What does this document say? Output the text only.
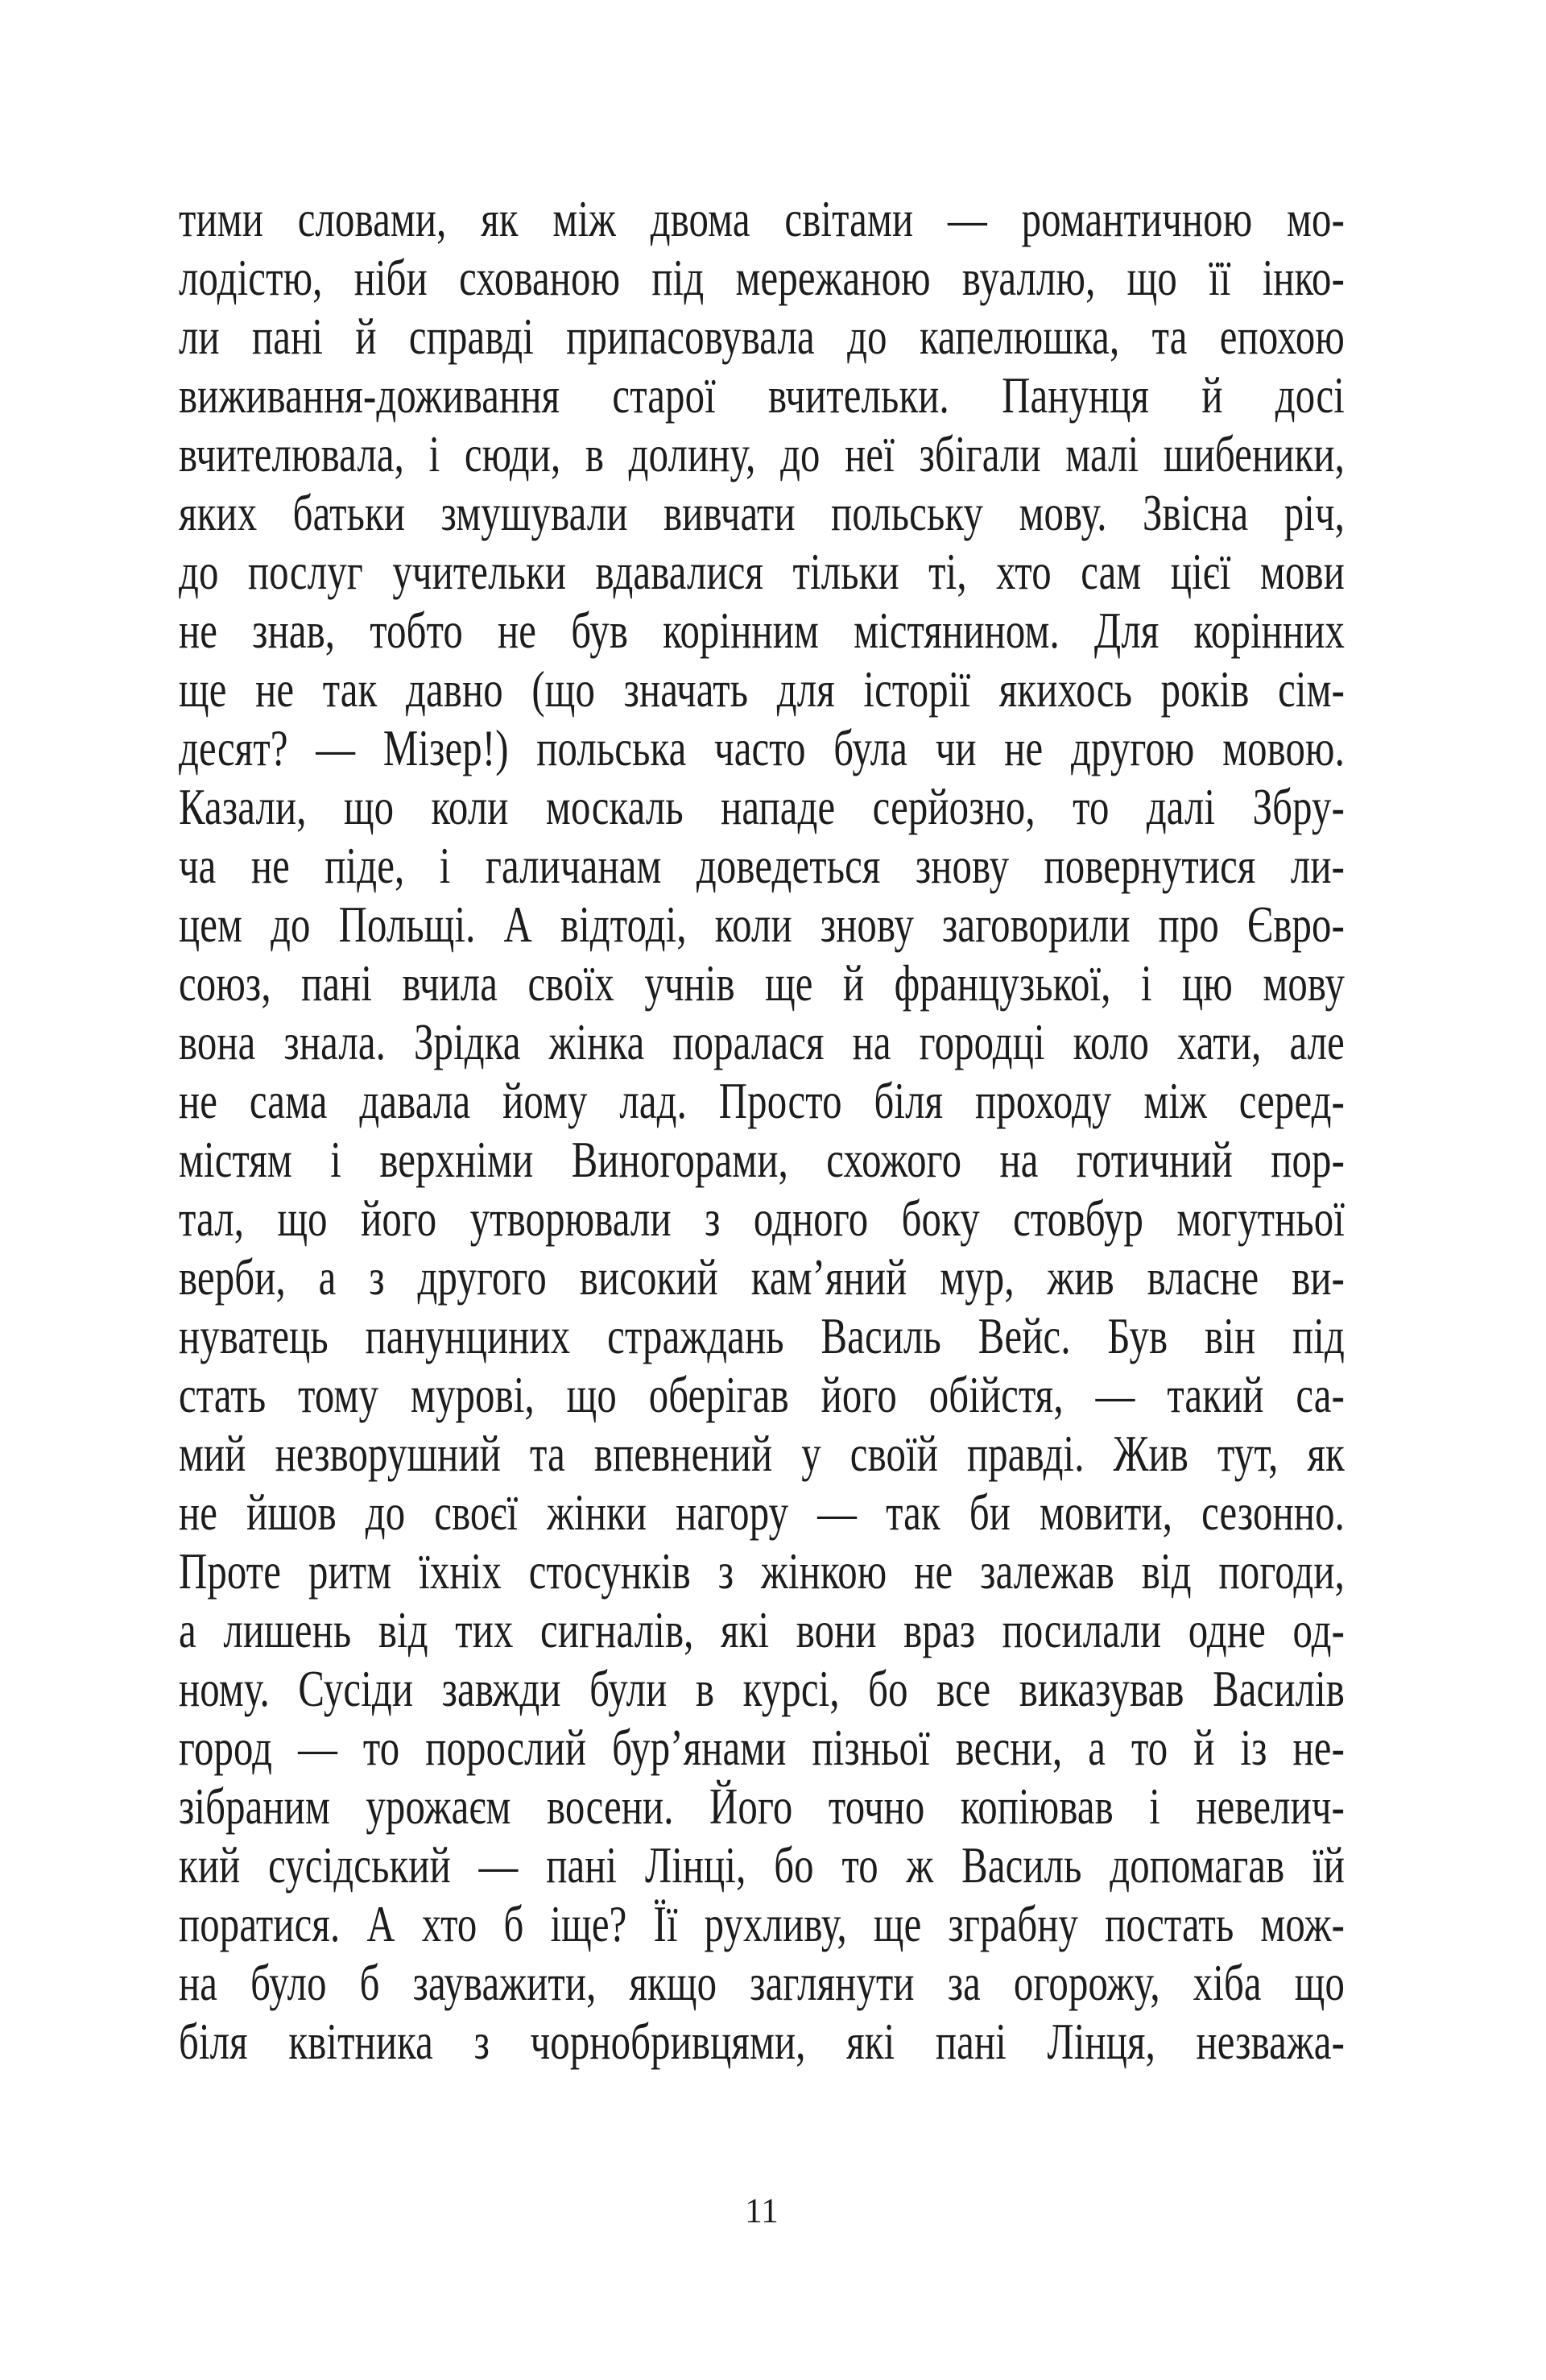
тими словами, як між двома світами — романтичною мо-
лодістю, ніби схованою під мережаною вуаллю, що її інко-
ли пані й справді припасовувала до капелюшка, та епохою
виживання-доживання старої вчительки. Панунця й досі
вчителювала, і сюди, в долину, до неї збігали малі шибеники,
яких батьки змушували вивчати польську мову. Звісна річ,
до послуг учительки вдавалися тільки ті, хто сам цієї мови
не знав, тобто не був корінним містянином. Для корінних
ще не так давно (що значать для історії якихось років сім-
десят? — Мізер!) польська часто була чи не другою мовою.
Казали, що коли москаль нападе серйозно, то далі Збру-
ча не піде, і галичанам доведеться знову повернутися ли-
цем до Польщі. А відтоді, коли знову заговорили про Євро-
союз, пані вчила своїх учнів ще й французької, і цю мову
вона знала. Зрідка жінка поралася на городці коло хати, але
не сама давала йому лад. Просто біля проходу між серед-
містям і верхніми Виногорами, схожого на готичний пор-
тал, що його утворювали з одного боку стовбур могутньої
верби, а з другого високий кам’яний мур, жив власне ви-
нуватець панунциних страждань Василь Вейс. Був він під
стать тому мурові, що оберігав його обійстя, — такий са-
мий незворушний та впевнений у своїй правді. Жив тут, як
не йшов до своєї жінки нагору — так би мовити, сезонно.
Проте ритм їхніх стосунків з жінкою не залежав від погоди,
а лишень від тих сигналів, які вони враз посилали одне од-
ному. Сусіди завжди були в курсі, бо все виказував Василів
город — то порослий бур’янами пізньої весни, а то й із не-
зібраним урожаєм восени. Його точно копіював і невелич-
кий сусідський — пані Лінці, бо то ж Василь допомагав їй
поратися. А хто б іще? Її рухливу, ще зграбну постать мож-
на було б зауважити, якщо заглянути за огорожу, хіба що
біля квітника з чорнобривцями, які пані Лінця, незважа-
11
